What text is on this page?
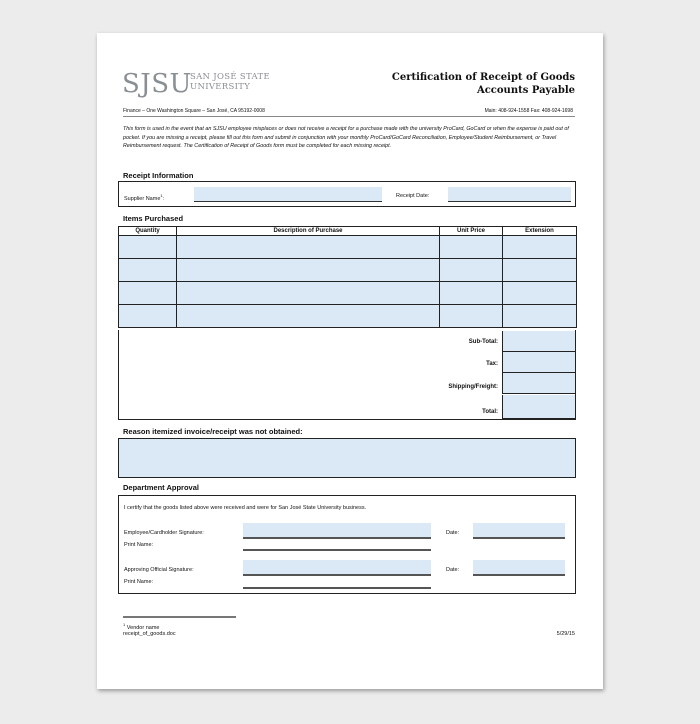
SJSU
SAN JOSÉ STATE
UNIVERSITY
Certification of Receipt of Goods
Accounts Payable
Finance – One Washington Square – San José, CA 95192-0008	Main: 408-924-1558 Fax: 408-924-1698
This form is used in the event that an SJSU employee misplaces or does not receive a receipt for a purchase made with the university ProCard, GoCard or when the expense is paid out of pocket. If you are missing a receipt, please fill out this form and submit in conjunction with your monthly ProCard/GoCard Reconciliation, Employee/Student Reimbursement, or Travel Reimbursement request. The Certification of Receipt of Goods form must be completed for each missing receipt.
Receipt Information
Supplier Name$^1$:	Receipt Date:
Items Purchased
Quantity	Description of Purchase	Unit Price	Extension

Sub-Total:
Tax:
Shipping/Freight:
Total:
Reason itemized invoice/receipt was not obtained:
Department Approval
I certify that the goods listed above were received and were for San José State University business.
Employee/Cardholder Signature:
Print Name:
Date:
Approving Official Signature:
Print Name:
Date:
$^1$ Vendor name
receipt_of_goods.doc	5/29/15
